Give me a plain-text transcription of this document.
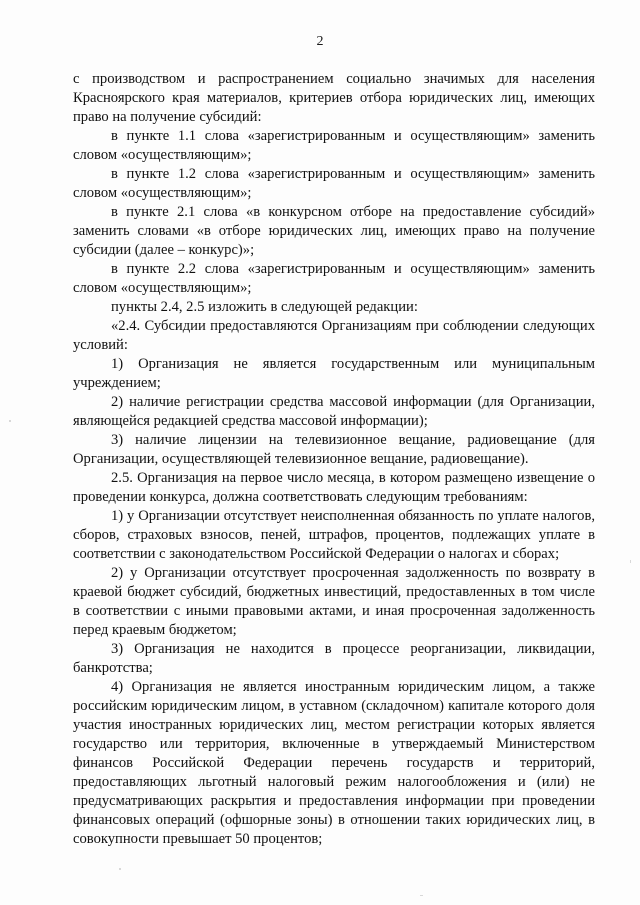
2

с производством и распространением социально значимых для населения Красноярского края материалов, критериев отбора юридических лиц, имеющих право на получение субсидий:

в пункте 1.1 слова «зарегистрированным и осуществляющим» заменить словом «осуществляющим»;

в пункте 1.2 слова «зарегистрированным и осуществляющим» заменить словом «осуществляющим»;

в пункте 2.1 слова «в конкурсном отборе на предоставление субсидий» заменить словами «в отборе юридических лиц, имеющих право на получение субсидии (далее – конкурс)»;

в пункте 2.2 слова «зарегистрированным и осуществляющим» заменить словом «осуществляющим»;

пункты 2.4, 2.5 изложить в следующей редакции:

«2.4. Субсидии предоставляются Организациям при соблюдении следующих условий:

1) Организация не является государственным или муниципальным учреждением;

2) наличие регистрации средства массовой информации (для Организации, являющейся редакцией средства массовой информации);

3) наличие лицензии на телевизионное вещание, радиовещание (для Организации, осуществляющей телевизионное вещание, радиовещание).

2.5. Организация на первое число месяца, в котором размещено извещение о проведении конкурса, должна соответствовать следующим требованиям:

1) у Организации отсутствует неисполненная обязанность по уплате налогов, сборов, страховых взносов, пеней, штрафов, процентов, подлежащих уплате в соответствии с законодательством Российской Федерации о налогах и сборах;

2) у Организации отсутствует просроченная задолженность по возврату в краевой бюджет субсидий, бюджетных инвестиций, предоставленных в том числе в соответствии с иными правовыми актами, и иная просроченная задолженность перед краевым бюджетом;

3) Организация не находится в процессе реорганизации, ликвидации, банкротства;

4) Организация не является иностранным юридическим лицом, а также российским юридическим лицом, в уставном (складочном) капитале которого доля участия иностранных юридических лиц, местом регистрации которых является государство или территория, включенные в утверждаемый Министерством финансов Российской Федерации перечень государств и территорий, предоставляющих льготный налоговый режим налогообложения и (или) не предусматривающих раскрытия и предоставления информации при проведении финансовых операций (офшорные зоны) в отношении таких юридических лиц, в совокупности превышает 50 процентов;
